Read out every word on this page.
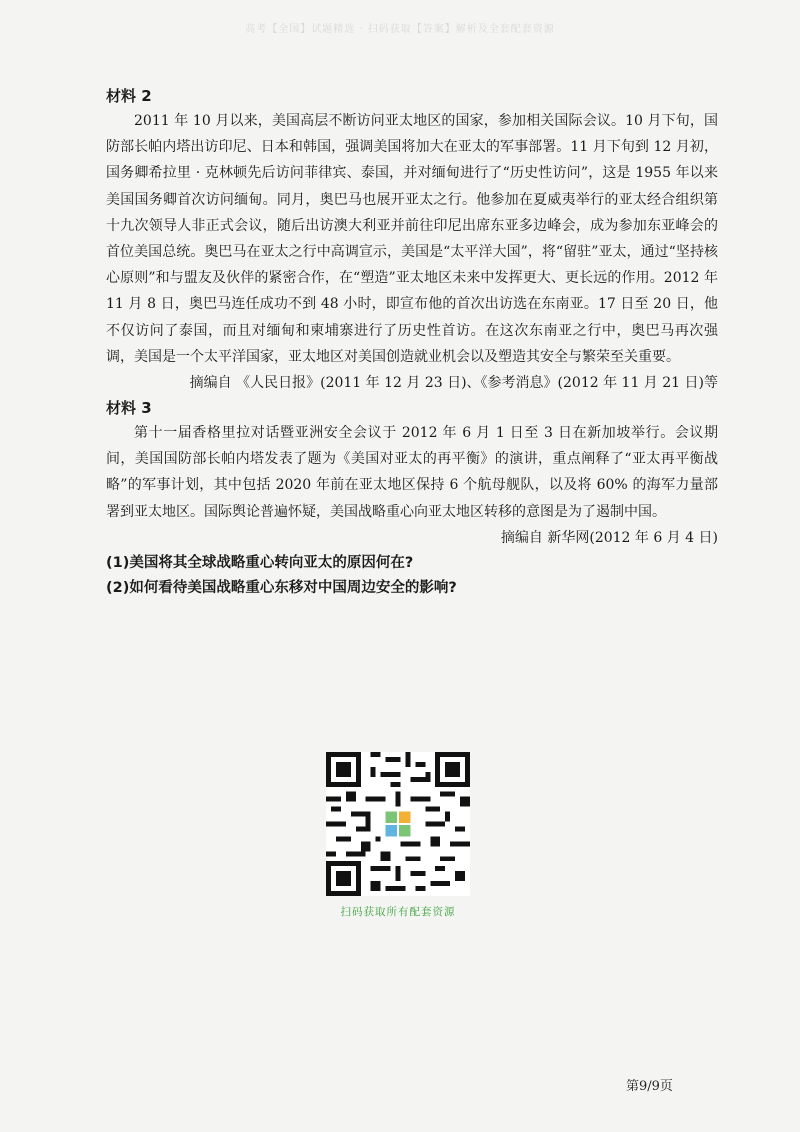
高考【全国】试题精选 · 扫码获取【答案】解析及全套配套资源

材料 2

2011 年 10 月以来，美国高层不断访问亚太地区的国家，参加相关国际会议。10 月下旬，国防部长帕内塔出访印尼、日本和韩国，强调美国将加大在亚太的军事部署。11 月下旬到 12 月初，国务卿希拉里 · 克林顿先后访问菲律宾、泰国，并对缅甸进行了“历史性访问”，这是 1955 年以来美国国务卿首次访问缅甸。同月，奥巴马也展开亚太之行。他参加在夏威夷举行的亚太经合组织第十九次领导人非正式会议，随后出访澳大利亚并前往印尼出席东亚多边峰会，成为参加东亚峰会的首位美国总统。奥巴马在亚太之行中高调宣示，美国是“太平洋大国”，将“留驻”亚太，通过“坚持核心原则”和与盟友及伙伴的紧密合作，在“塑造”亚太地区未来中发挥更大、更长远的作用。2012 年 11 月 8 日，奥巴马连任成功不到 48 小时，即宣布他的首次出访选在东南亚。17 日至 20 日，他不仅访问了泰国，而且对缅甸和柬埔寨进行了历史性首访。在这次东南亚之行中，奥巴马再次强调，美国是一个太平洋国家，亚太地区对美国创造就业机会以及塑造其安全与繁荣至关重要。

摘编自 《人民日报》(2011 年 12 月 23 日)、《参考消息》(2012 年 11 月 21 日)等

材料 3

第十一届香格里拉对话暨亚洲安全会议于 2012 年 6 月 1 日至 3 日在新加坡举行。会议期间，美国国防部长帕内塔发表了题为《美国对亚太的再平衡》的演讲，重点阐释了“亚太再平衡战略”的军事计划，其中包括 2020 年前在亚太地区保持 6 个航母舰队，以及将 60% 的海军力量部署到亚太地区。国际舆论普遍怀疑，美国战略重心向亚太地区转移的意图是为了遏制中国。

摘编自 新华网(2012 年 6 月 4 日)

(1)美国将其全球战略重心转向亚太的原因何在?

(2)如何看待美国战略重心东移对中国周边安全的影响?

扫码获取所有配套资源
第9/9页
